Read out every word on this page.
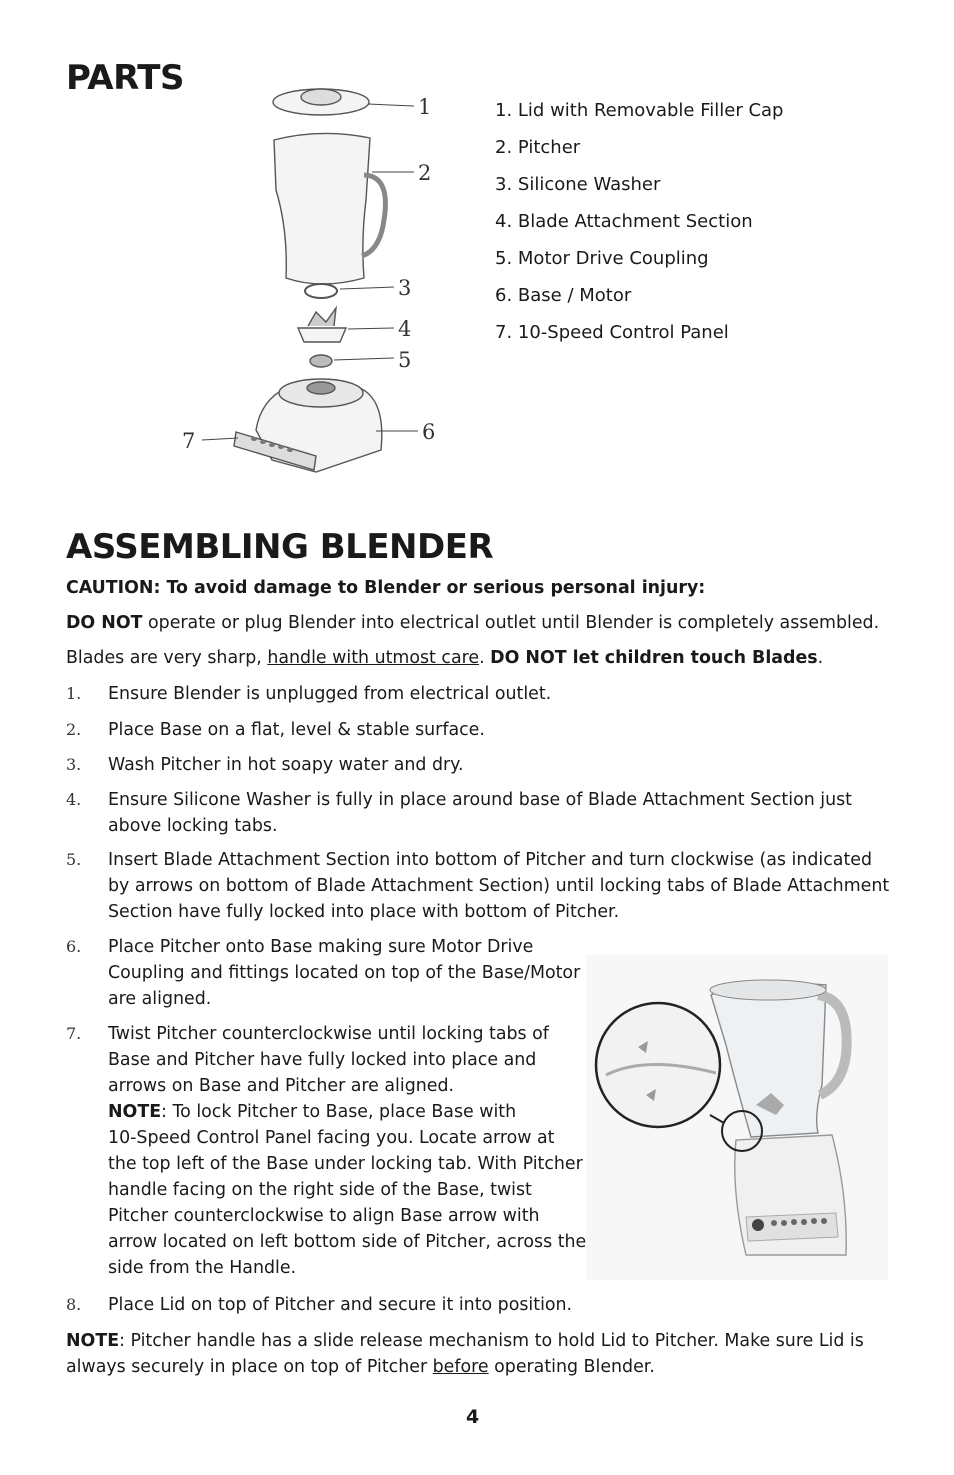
PARTS
1
2
3
4
5
6
7
1. Lid with Removable Filler Cap
2. Pitcher
3. Silicone Washer
4. Blade Attachment Section
5. Motor Drive Coupling
6. Base / Motor
7. 10-Speed Control Panel
ASSEMBLING BLENDER

CAUTION: To avoid damage to Blender or serious personal injury:

DO NOT operate or plug Blender into electrical outlet until Blender is completely assembled.

Blades are very sharp, handle with utmost care. DO NOT let children touch Blades.

1. Ensure Blender is unplugged from electrical outlet.
2. Place Base on a flat, level & stable surface.
3. Wash Pitcher in hot soapy water and dry.
4. Ensure Silicone Washer is fully in place around base of Blade Attachment Section just
above locking tabs.
5. Insert Blade Attachment Section into bottom of Pitcher and turn clockwise (as indicated
by arrows on bottom of Blade Attachment Section) until locking tabs of Blade Attachment
Section have fully locked into place with bottom of Pitcher.
6. Place Pitcher onto Base making sure Motor Drive
Coupling and fittings located on top of the Base/Motor
are aligned.
7. Twist Pitcher counterclockwise until locking tabs of
Base and Pitcher have fully locked into place and
arrows on Base and Pitcher are aligned.
NOTE: To lock Pitcher to Base, place Base with
10-Speed Control Panel facing you. Locate arrow at
the top left of the Base under locking tab. With Pitcher
handle facing on the right side of the Base, twist
Pitcher counterclockwise to align Base arrow with
arrow located on left bottom side of Pitcher, across the
side from the Handle.
8. Place Lid on top of Pitcher and secure it into position.
NOTE: Pitcher handle has a slide release mechanism to hold Lid to Pitcher. Make sure Lid is
always securely in place on top of Pitcher before operating Blender.
4
